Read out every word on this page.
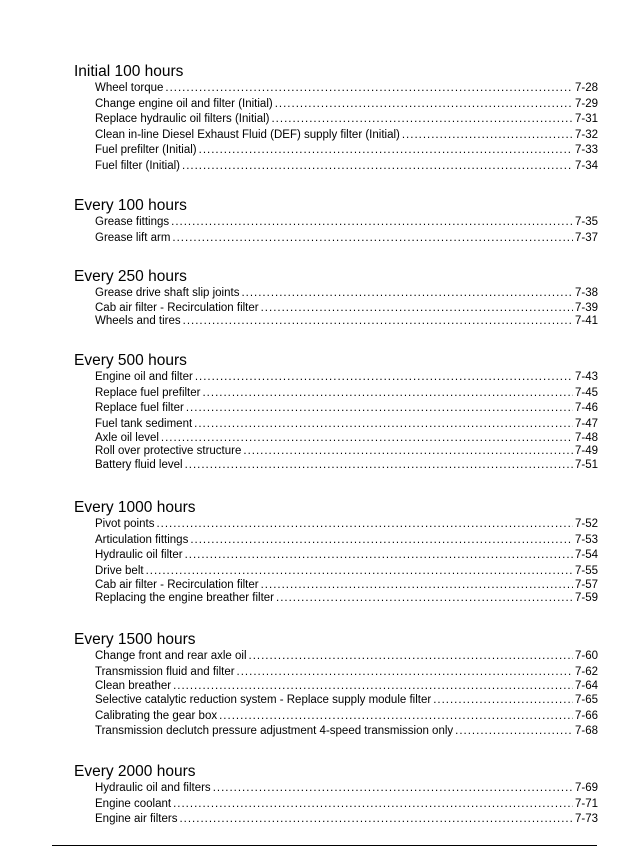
Initial 100 hours
Wheel torque .....	7-28
Change engine oil and filter (Initial) .....	7-29
Replace hydraulic oil filters (Initial) .....	7-31
Clean in-line Diesel Exhaust Fluid (DEF) supply filter (Initial) .....	7-32
Fuel prefilter (Initial) .....	7-33
Fuel filter (Initial) .....	7-34
Every 100 hours
Grease fittings .....	7-35
Grease lift arm .....	7-37
Every 250 hours
Grease drive shaft slip joints .....	7-38
Cab air filter - Recirculation filter .....	7-39
Wheels and tires .....	7-41
Every 500 hours
Engine oil and filter .....	7-43
Replace fuel prefilter .....	7-45
Replace fuel filter .....	7-46
Fuel tank sediment .....	7-47
Axle oil level .....	7-48
Roll over protective structure .....	7-49
Battery fluid level .....	7-51
Every 1000 hours
Pivot points .....	7-52
Articulation fittings .....	7-53
Hydraulic oil filter .....	7-54
Drive belt .....	7-55
Cab air filter - Recirculation filter .....	7-57
Replacing the engine breather filter .....	7-59
Every 1500 hours
Change front and rear axle oil .....	7-60
Transmission fluid and filter .....	7-62
Clean breather .....	7-64
Selective catalytic reduction system - Replace supply module filter .....	7-65
Calibrating the gear box .....	7-66
Transmission declutch pressure adjustment 4-speed transmission only .....	7-68
Every 2000 hours
Hydraulic oil and filters .....	7-69
Engine coolant .....	7-71
Engine air filters .....	7-73
